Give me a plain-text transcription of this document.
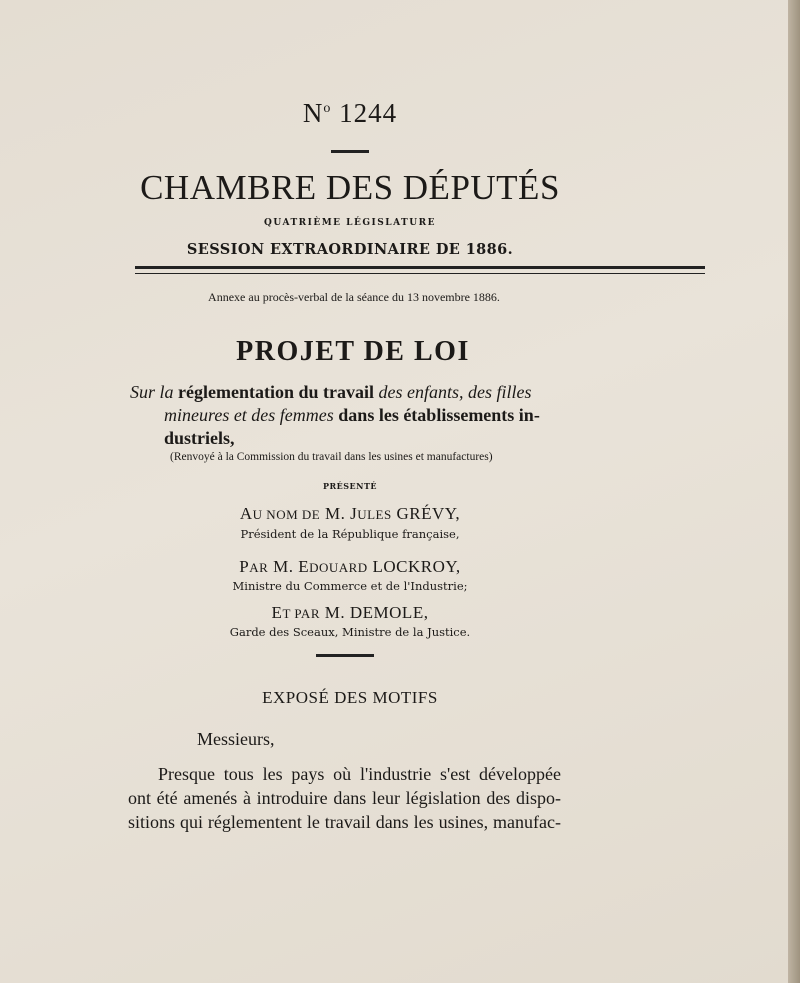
$N^o$ 1244
CHAMBRE DES DÉPUTÉS
QUATRIÈME LÉGISLATURE
SESSION EXTRAORDINAIRE DE 1886.
Annexe au procès-verbal de la séance du 13 novembre 1886.
PROJET DE LOI
Sur la réglementation du travail des enfants, des filles
mineures et des femmes dans les établissements in-
dustriels,
(Renvoyé à la Commission du travail dans les usines et manufactures)
PRÉSENTÉ
AU NOM DE M. JULES GRÉVY,
Président de la République française,
PAR M. EDOUARD LOCKROY,
Ministre du Commerce et de l'Industrie;
ET PAR M. DEMOLE,
Garde des Sceaux, Ministre de la Justice.
EXPOSÉ DES MOTIFS
Messieurs,
Presque tous les pays où l'industrie s'est développée
ont été amenés à introduire dans leur législation des dispo-
sitions qui réglementent le travail dans les usines, manufac-
